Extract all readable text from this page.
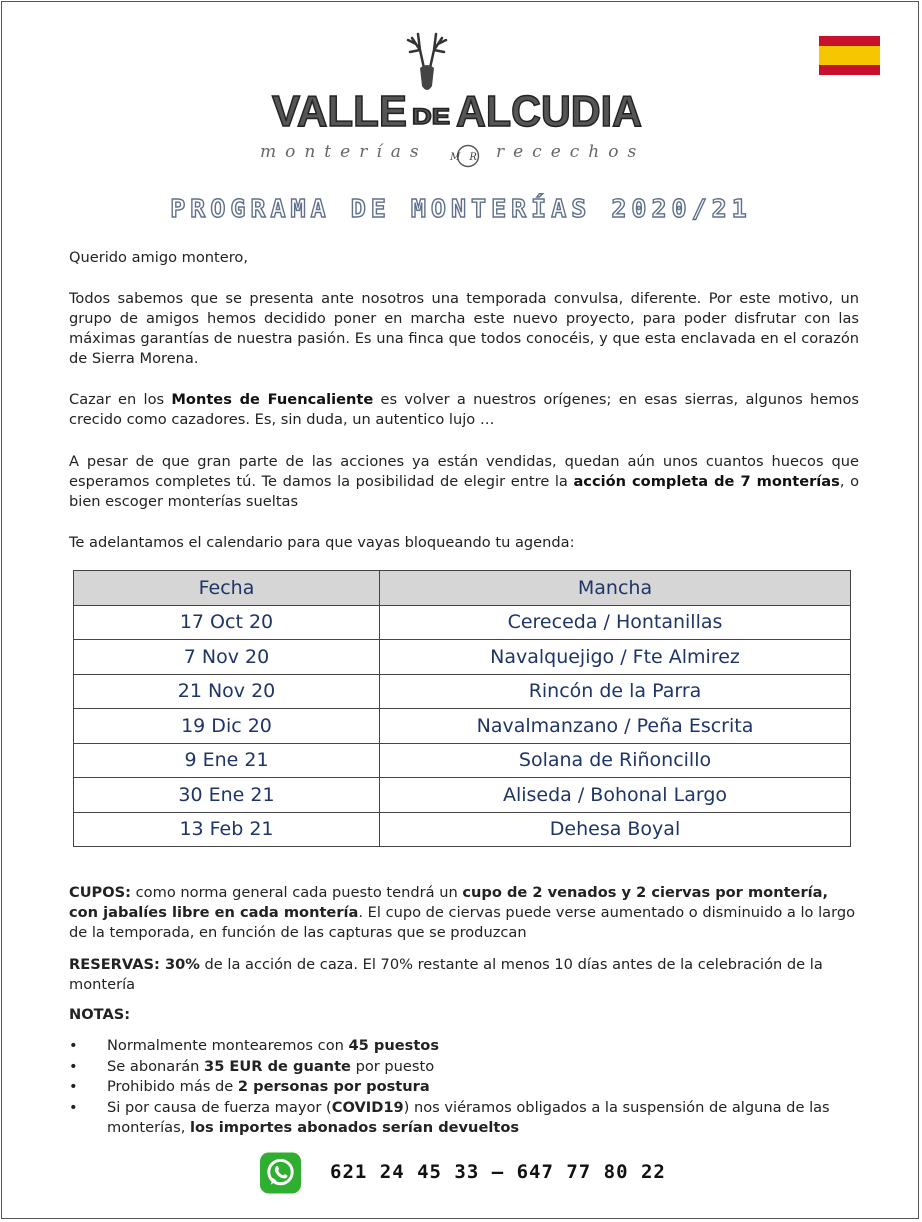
VALLE DE ALCUDIA
monterías MR recechos
PROGRAMA DE MONTERÍAS 2020/21
Querido amigo montero,
Todos sabemos que se presenta ante nosotros una temporada convulsa, diferente. Por este motivo, un grupo de amigos hemos decidido poner en marcha este nuevo proyecto, para poder disfrutar con las máximas garantías de nuestra pasión. Es una finca que todos conocéis, y que esta enclavada en el corazón de Sierra Morena.
Cazar en los Montes de Fuencaliente es volver a nuestros orígenes; en esas sierras, algunos hemos crecido como cazadores. Es, sin duda, un autentico lujo …
A pesar de que gran parte de las acciones ya están vendidas, quedan aún unos cuantos huecos que esperamos completes tú. Te damos la posibilidad de elegir entre la acción completa de 7 monterías, o bien escoger monterías sueltas
Te adelantamos el calendario para que vayas bloqueando tu agenda:
Fecha	Mancha
17 Oct 20	Cereceda / Hontanillas
7 Nov 20	Navalquejigo / Fte Almirez
21 Nov 20	Rincón de la Parra
19 Dic 20	Navalmanzano / Peña Escrita
9 Ene 21	Solana de Riñoncillo
30 Ene 21	Aliseda / Bohonal Largo
13 Feb 21	Dehesa Boyal
CUPOS: como norma general cada puesto tendrá un cupo de 2 venados y 2 ciervas por montería, con jabalíes libre en cada montería. El cupo de ciervas puede verse aumentado o disminuido a lo largo de la temporada, en función de las capturas que se produzcan
RESERVAS: 30% de la acción de caza. El 70% restante al menos 10 días antes de la celebración de la montería
NOTAS:
• Normalmente montearemos con 45 puestos
• Se abonarán 35 EUR de guante por puesto
• Prohibido más de 2 personas por postura
• Si por causa de fuerza mayor (COVID19) nos viéramos obligados a la suspensión de alguna de las monterías, los importes abonados serían devueltos
621 24 45 33 – 647 77 80 22
